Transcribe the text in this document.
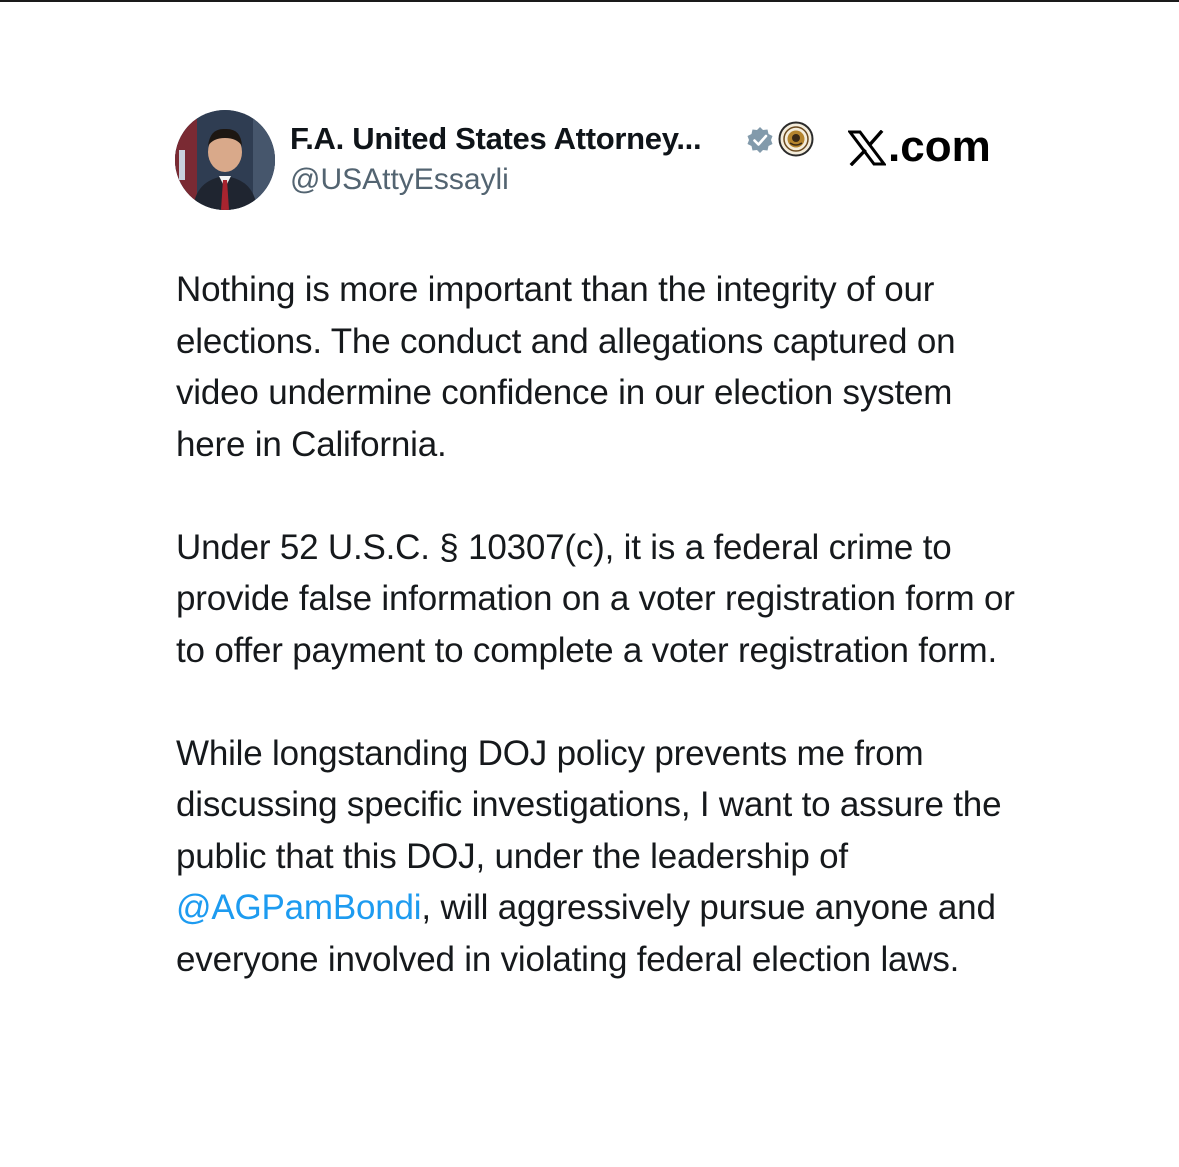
F.A. United States Attorney...
@USAttyEssayli
.com

Nothing is more important than the integrity of our elections. The conduct and allegations captured on video undermine confidence in our election system here in California.

Under 52 U.S.C. § 10307(c), it is a federal crime to provide false information on a voter registration form or to offer payment to complete a voter registration form.

While longstanding DOJ policy prevents me from discussing specific investigations, I want to assure the public that this DOJ, under the leadership of @AGPamBondi, will aggressively pursue anyone and everyone involved in violating federal election laws.
